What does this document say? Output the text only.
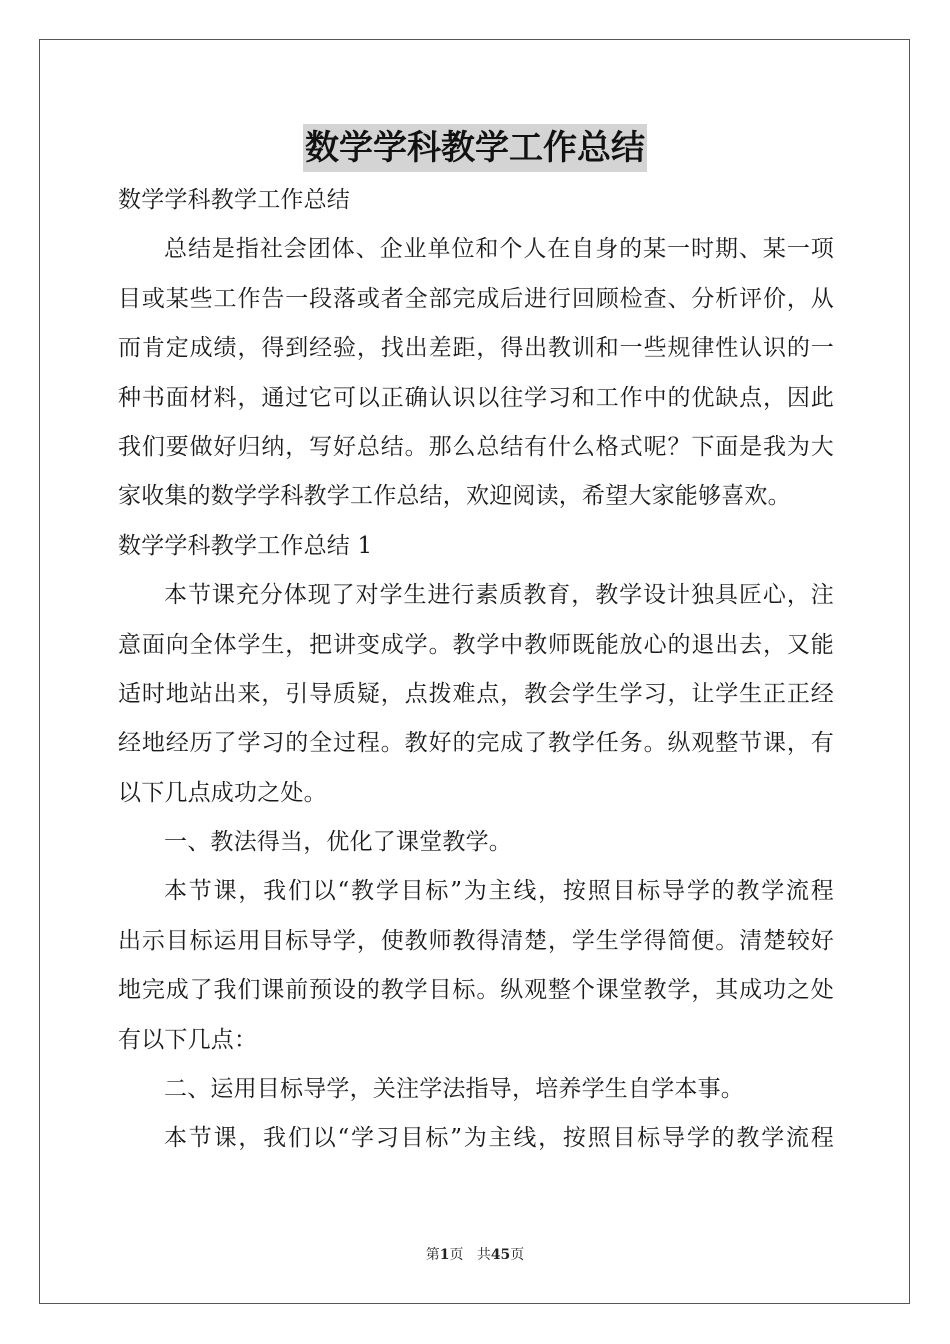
数学学科教学工作总结
数学学科教学工作总结
总结是指社会团体、企业单位和个人在自身的某一时期、某一项
目或某些工作告一段落或者全部完成后进行回顾检查、分析评价，从
而肯定成绩，得到经验，找出差距，得出教训和一些规律性认识的一
种书面材料，通过它可以正确认识以往学习和工作中的优缺点，因此
我们要做好归纳，写好总结。那么总结有什么格式呢？下面是我为大
家收集的数学学科教学工作总结，欢迎阅读，希望大家能够喜欢。
数学学科教学工作总结 1
本节课充分体现了对学生进行素质教育，教学设计独具匠心，注
意面向全体学生，把讲变成学。教学中教师既能放心的退出去，又能
适时地站出来，引导质疑，点拨难点，教会学生学习，让学生正正经
经地经历了学习的全过程。教好的完成了教学任务。纵观整节课，有
以下几点成功之处。
一、教法得当，优化了课堂教学。
本节课，我们以“教学目标”为主线，按照目标导学的教学流程
出示目标运用目标导学，使教师教得清楚，学生学得简便。清楚较好
地完成了我们课前预设的教学目标。纵观整个课堂教学，其成功之处
有以下几点：
二、运用目标导学，关注学法指导，培养学生自学本事。
本节课，我们以“学习目标”为主线，按照目标导学的教学流程
第1页 共45页
